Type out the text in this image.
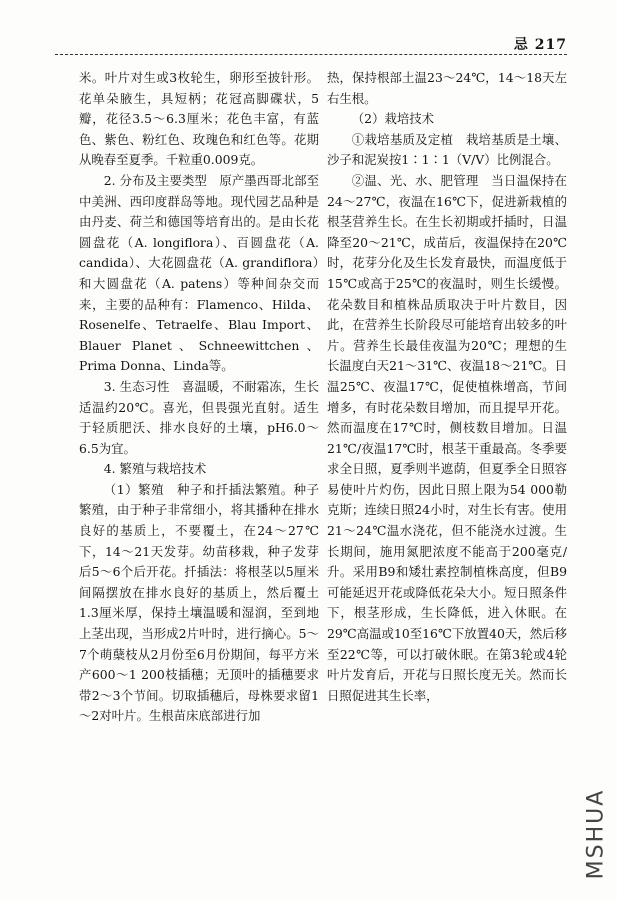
忌 217

米。叶片对生或3枚轮生，卵形至披针形。花单朵腋生，具短柄；花冠高脚碟状，5瓣，花径3.5～6.3厘米；花色丰富，有蓝色、紫色、粉红色、玫瑰色和红色等。花期从晚春至夏季。千粒重0.009克。

2. 分布及主要类型　原产墨西哥北部至中美洲、西印度群岛等地。现代园艺品种是由丹麦、荷兰和德国等培育出的。是由长花圆盘花（A. longiflora）、百圆盘花（A. candida）、大花圆盘花（A. grandiflora）和大圆盘花（A. patens）等种间杂交而来，主要的品种有：Flamenco、Hilda、Rosenelfe、Tetraelfe、Blau Import、Blauer Planet、Schneewittchen、Prima Donna、Linda等。

3. 生态习性　喜温暖，不耐霜冻，生长适温约20℃。喜光，但畏强光直射。适生于轻质肥沃、排水良好的土壤，pH6.0～6.5为宜。

4. 繁殖与栽培技术

（1）繁殖　种子和扦插法繁殖。种子繁殖，由于种子非常细小，将其播种在排水良好的基质上，不要覆土，在24～27℃下，14～21天发芽。幼苗移栽，种子发芽后5～6个后开花。扦插法：将根茎以5厘米间隔摆放在排水良好的基质上，然后覆土1.3厘米厚，保持土壤温暖和湿润，至到地上茎出现，当形成2片叶时，进行摘心。5～7个萌蘖枝从2月份至6月份期间，每平方米产600～1 200枝插穗；无顶叶的插穗要求带2～3个节间。切取插穗后，母株要求留1～2对叶片。生根苗床底部进行加

热，保持根部土温23～24℃，14～18天左右生根。

（2）栽培技术

①栽培基质及定植　栽培基质是土壤、沙子和泥炭按1∶1∶1（V/V）比例混合。

②温、光、水、肥管理　当日温保持在24～27℃，夜温在16℃下，促进新栽植的根茎营养生长。在生长初期或扦插时，日温降至20～21℃，成苗后，夜温保持在20℃时，花芽分化及生长发育最快，而温度低于15℃或高于25℃的夜温时，则生长缓慢。花朵数目和植株品质取决于叶片数目，因此，在营养生长阶段尽可能培育出较多的叶片。营养生长最佳夜温为20℃；理想的生长温度白天21～31℃、夜温18～21℃。日温25℃、夜温17℃，促使植株增高，节间增多，有时花朵数目增加，而且提早开花。然而温度在17℃时，侧枝数目增加。日温21℃/夜温17℃时，根茎干重最高。冬季要求全日照，夏季则半遮荫，但夏季全日照容易使叶片灼伤，因此日照上限为54 000勒克斯；连续日照24小时，对生长有害。使用21～24℃温水浇花，但不能浇水过渡。生长期间，施用氮肥浓度不能高于200毫克/升。采用B9和矮壮素控制植株高度，但B9可能延迟开花或降低花朵大小。短日照条件下，根茎形成，生长降低，进入休眠。在29℃高温或10至16℃下放置40天，然后移至22℃等，可以打破休眠。在第3轮或4轮叶片发育后，开花与日照长度无关。然而长日照促进其生长率，

MSHUA
